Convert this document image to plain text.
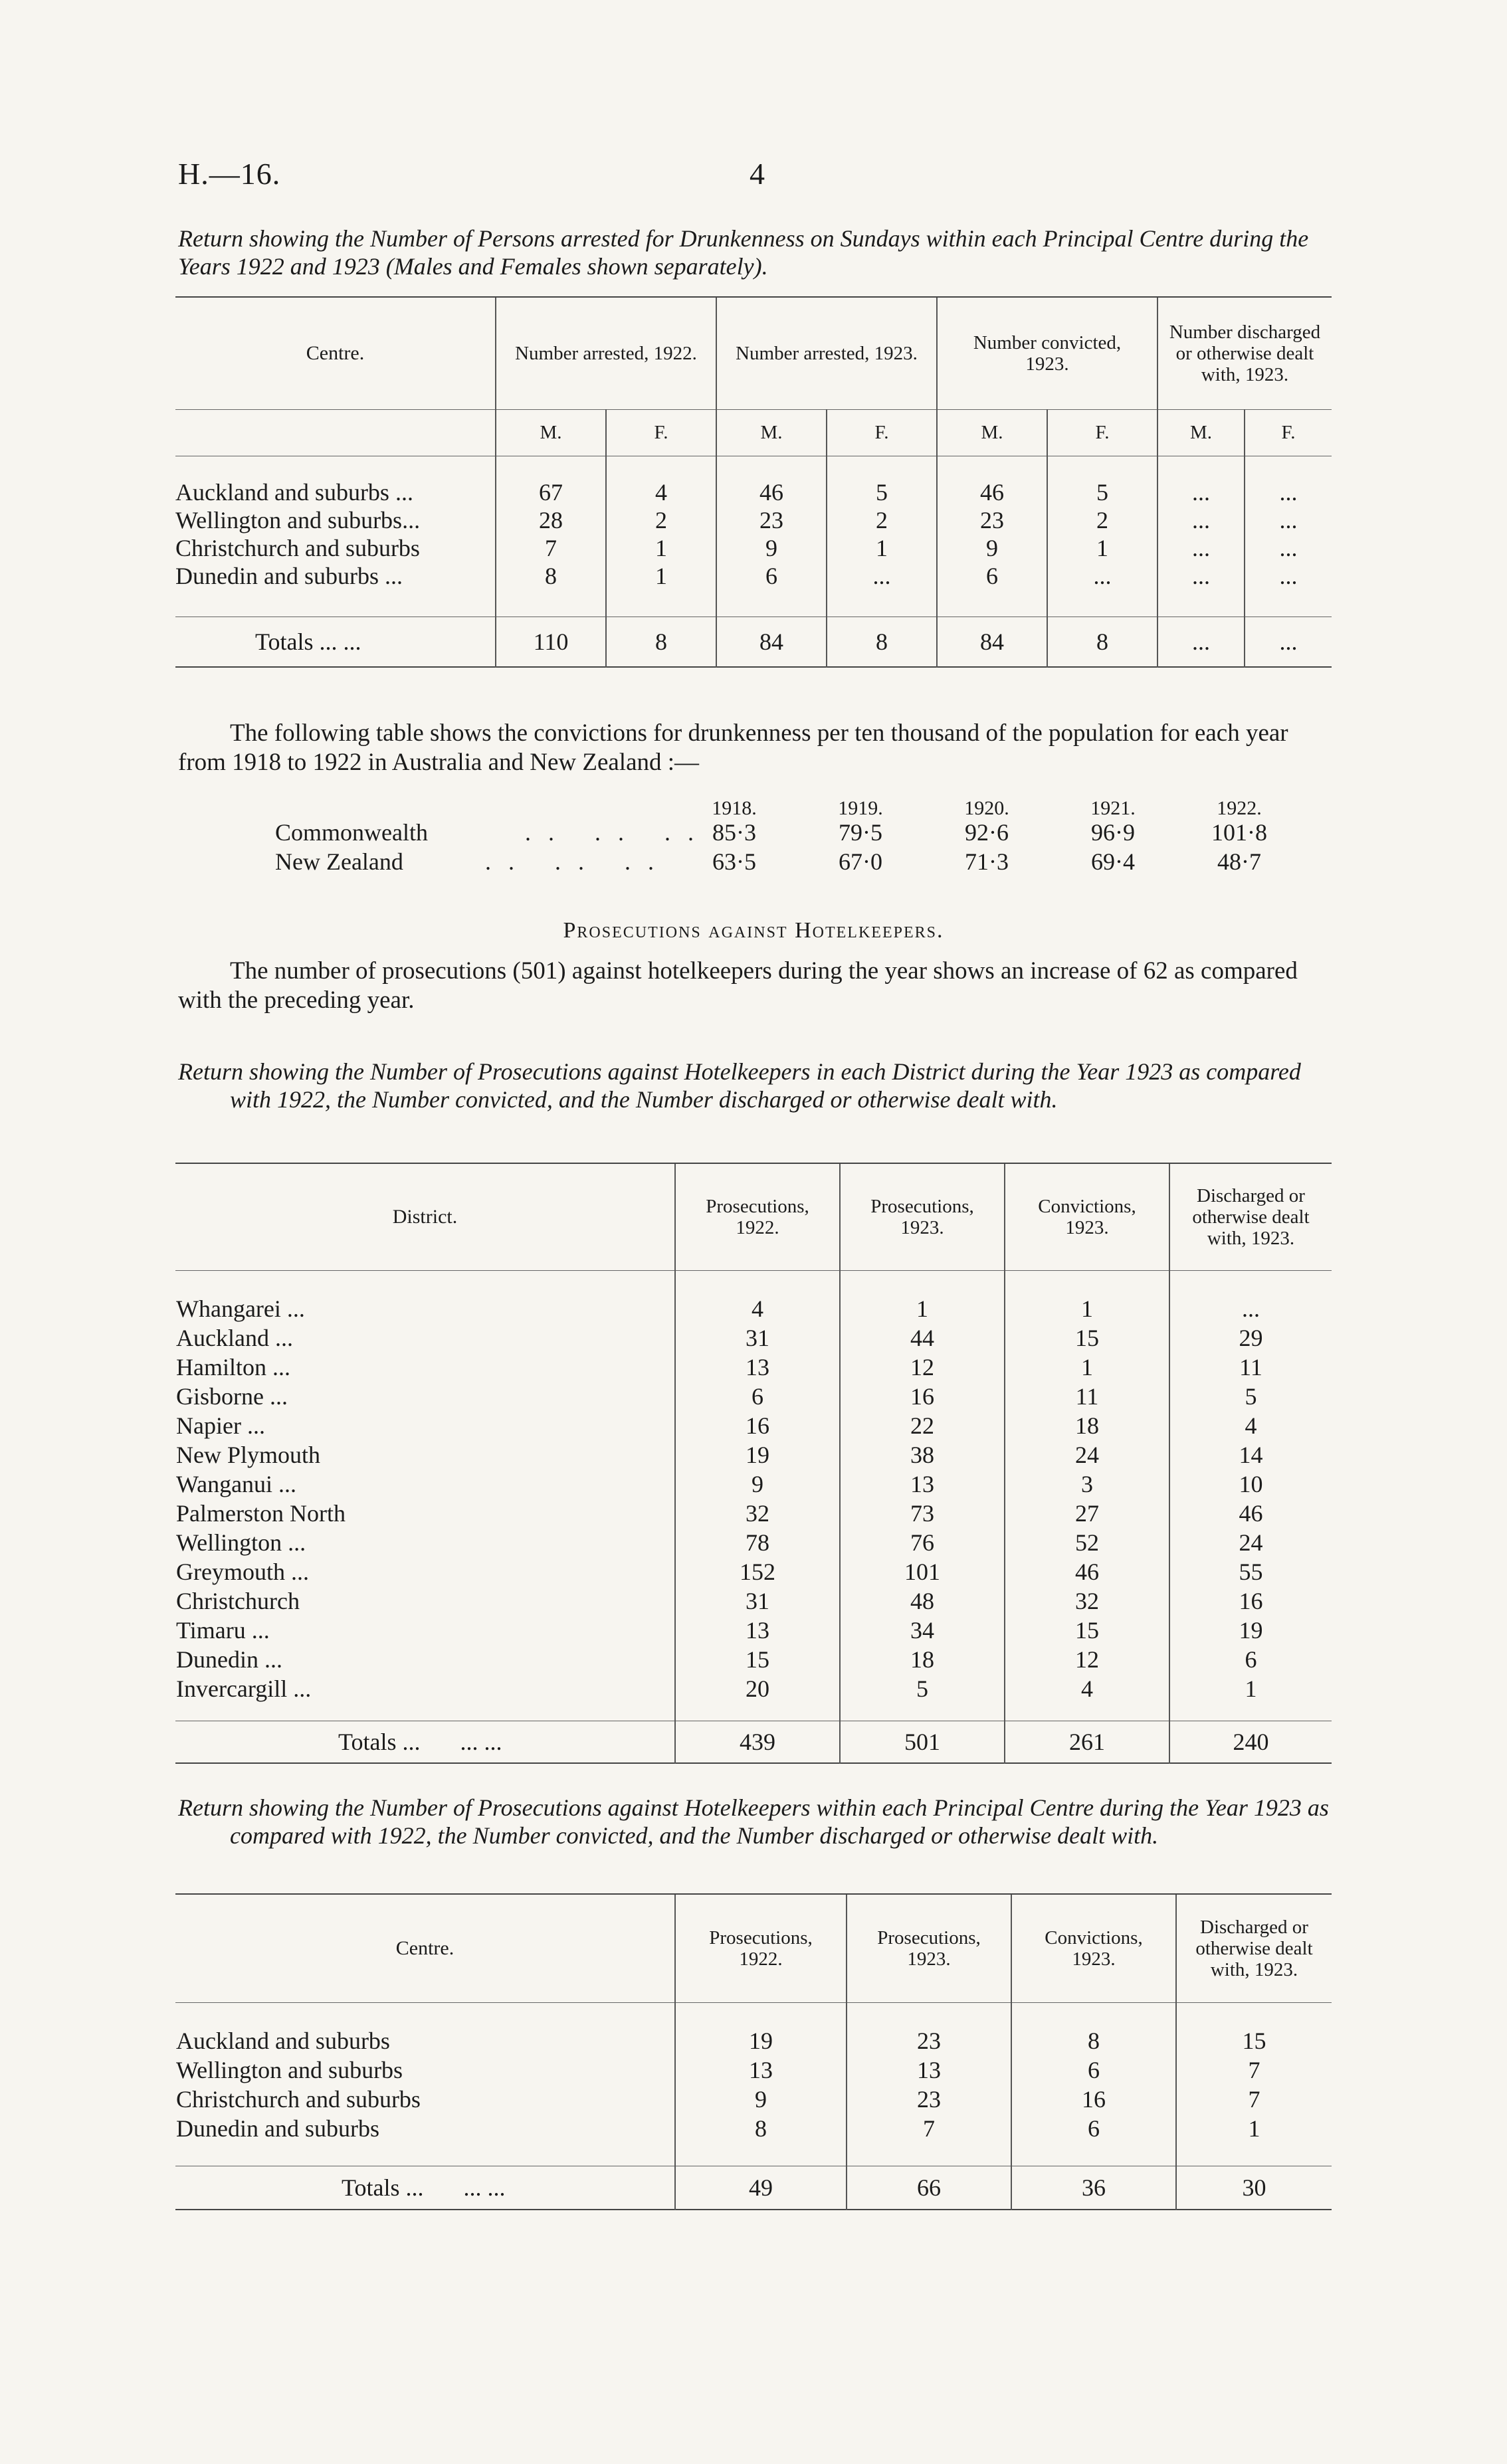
H.—16.	4
Return showing the Number of Persons arrested for Drunkenness on Sundays within each Principal Centre during the Years 1922 and 1923 (Males and Females shown separately).
Centre.	Number arrested, 1922.		Number arrested, 1923.		Number convicted, 1923.		Number discharged or otherwise dealt with, 1923.	
	M.	F.	M.	F.	M.	F.	M.	F.

Auckland and suburbs ...	67	4	46	5	46	5	...	...
Wellington and suburbs...	28	2	23	2	23	2	...	...
Christchurch and suburbs	7	1	9	1	9	1	...	...
Dunedin and suburbs ...	8	1	6	...	6	...	...	...

Totals ... ...	110	8	84	8	84	8	...	...
The following table shows the convictions for drunkenness per ten thousand of the population for each year from 1918 to 1922 in Australia and New Zealand :—
1918.	1919.	1920.	1921.	1922.
Commonwealth	.. .. .. 85·3	79·5	92·6	96·9	101·8
New Zealand	.. .. ..	63·5	67·0	71·3	69·4	48·7
Prosecutions against Hotelkeepers.
The number of prosecutions (501) against hotelkeepers during the year shows an increase of 62 as compared with the preceding year.
Return showing the Number of Prosecutions against Hotelkeepers in each District during the Year 1923 as compared with 1922, the Number convicted, and the Number discharged or otherwise dealt with.
District.	Prosecutions, 1922.	Prosecutions, 1923.	Convictions, 1923.	Discharged or otherwise dealt with, 1923.

Whangarei ...	4	1	1	...

Auckland ...	31	44	15	29

Hamilton ...	13	12	1	11

Gisborne ...	6	16	11	5

Napier ...	16	22	18	4

New Plymouth	19	38	24	14

Wanganui ...	9	13	3	10

Palmerston North	32	73	27	46

Wellington ...	78	76	52	24

Greymouth ...	152	101	46	55

Christchurch	31	48	32	16

Timaru ...	13	34	15	19

Dunedin ...	15	18	12	6

Invercargill ...	20	5	4	1

Totals ... ... ...	439	501	261	240
Return showing the Number of Prosecutions against Hotelkeepers within each Principal Centre during the Year 1923 as compared with 1922, the Number convicted, and the Number discharged or otherwise dealt with.
Centre.	Prosecutions, 1922.	Prosecutions, 1923.	Convictions, 1923.	Discharged or otherwise dealt with, 1923.

Auckland and suburbs	19	23	8	15

Wellington and suburbs	13	13	6	7

Christchurch and suburbs	9	23	16	7

Dunedin and suburbs	8	7	6	1

Totals ... ... ...	49	66	36	30
